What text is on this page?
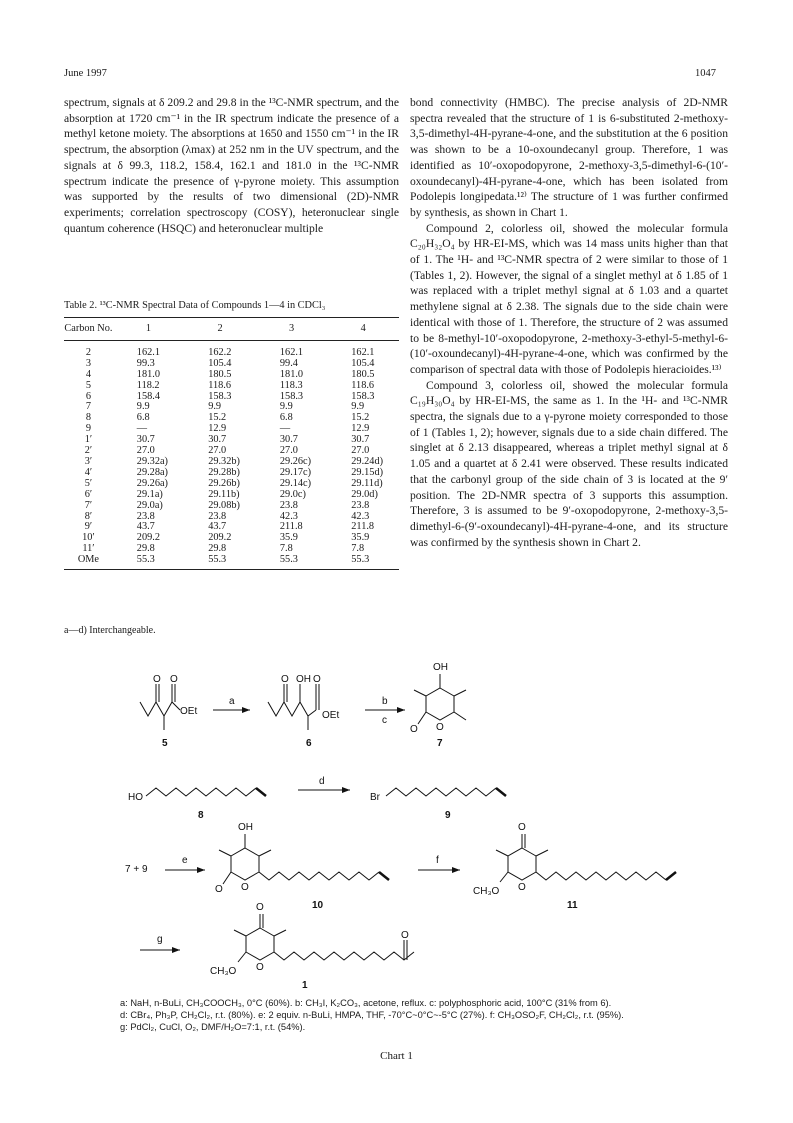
June 1997	1047

spectrum, signals at δ 209.2 and 29.8 in the ¹³C-NMR spectrum, and the absorption at 1720 cm⁻¹ in the IR spectrum indicate the presence of a methyl ketone moiety. The absorptions at 1650 and 1550 cm⁻¹ in the IR spectrum, the absorption (λmax) at 252 nm in the UV spectrum, and the signals at δ 99.3, 118.2, 158.4, 162.1 and 181.0 in the ¹³C-NMR spectrum indicate the presence of γ-pyrone moiety. This assumption was supported by the results of two dimensional (2D)-NMR experiments; correlation spectroscopy (COSY), heteronuclear single quantum coherence (HSQC) and heteronuclear multiple

bond connectivity (HMBC). The precise analysis of 2D-NMR spectra revealed that the structure of 1 is 6-substituted 2-methoxy-3,5-dimethyl-4H-pyrane-4-one, and the substitution at the 6 position was shown to be a 10-oxoundecanyl group. Therefore, 1 was identified as 10′-oxopodopyrone, 2-methoxy-3,5-dimethyl-6-(10′-oxoundecanyl)-4H-pyrane-4-one, which has been isolated from Podolepis longipedata.¹²⁾ The structure of 1 was further confirmed by synthesis, as shown in Chart 1.

Compound 2, colorless oil, showed the molecular formula C₂₀H₃₂O₄ by HR-EI-MS, which was 14 mass units higher than that of 1. The ¹H- and ¹³C-NMR spectra of 2 were similar to those of 1 (Tables 1, 2). However, the signal of a singlet methyl at δ 1.85 of 1 was replaced with a triplet methyl signal at δ 1.03 and a quartet methylene signal at δ 2.38. The signals due to the side chain were identical with those of 1. Therefore, the structure of 2 was assumed to be 8-methyl-10′-oxopodopyrone, 2-methoxy-3-ethyl-5-methyl-6-(10′-oxoundecanyl)-4H-pyrane-4-one, which was confirmed by the comparison of spectral data with those of Podolepis hieracioides.¹³⁾

Compound 3, colorless oil, showed the molecular formula C₁₉H₃₀O₄ by HR-EI-MS, the same as 1. In the ¹H- and ¹³C-NMR spectra, the signals due to a γ-pyrone moiety corresponded to those of 1 (Tables 1, 2); however, signals due to a side chain differed. The singlet at δ 2.13 disappeared, whereas a triplet methyl signal at δ 1.05 and a quartet at δ 2.41 were observed. These results indicated that the carbonyl group of the side chain of 3 is located at the 9′ position. The 2D-NMR spectra of 3 supports this assumption. Therefore, 3 is assumed to be 9′-oxopodopyrone, 2-methoxy-3,5-dimethyl-6-(9′-oxoundecanyl)-4H-pyrane-4-one, and its structure was confirmed by the synthesis shown in Chart 2.

Table 2. ¹³C-NMR Spectral Data of Compounds 1—4 in CDCl₃
Carbon No.	1	2	3	4
2	162.1	162.2	162.1	162.1
3	99.3	105.4	99.4	105.4
4	181.0	180.5	181.0	180.5
5	118.2	118.6	118.3	118.6
6	158.4	158.3	158.3	158.3
7	9.9	9.9	9.9	9.9
8	6.8	15.2	6.8	15.2
9	—	12.9	—	12.9
1′	30.7	30.7	30.7	30.7
2′	27.0	27.0	27.0	27.0
3′	29.32a)	29.32b)	29.26c)	29.24d)
4′	29.28a)	29.28b)	29.17c)	29.15d)
5′	29.26a)	29.26b)	29.14c)	29.11d)
6′	29.1a)	29.11b)	29.0c)	29.0d)
7′	29.0a)	29.08b)	23.8	23.8
8′	23.8	23.8	42.3	42.3
9′	43.7	43.7	211.8	211.8
10′	209.2	209.2	35.9	35.9
11′	29.8	29.8	7.8	7.8
OMe	55.3	55.3	55.3	55.3
a—d) Interchangeable.
O O
OEt
5
a
O OH O
OEt
6
b
c
OH
O
O
7
HO
8
d
Br
9
7 + 9
e
OH
O
O
10
f
O
O
CH₃O
11
g
O
O
O
CH₃O
1
a: NaH, n-BuLi, CH₃COOCH₃, 0°C (60%). b: CH₃I, K₂CO₃, acetone, reflux. c: polyphosphoric acid, 100°C (31% from 6).
d: CBr₄, Ph₃P, CH₂Cl₂, r.t. (80%). e: 2 equiv. n-BuLi, HMPA, THF, -70°C~0°C~-5°C (27%). f: CH₃OSO₂F, CH₂Cl₂, r.t. (95%).
g: PdCl₂, CuCl, O₂, DMF/H₂O=7:1, r.t. (54%).
Chart 1
